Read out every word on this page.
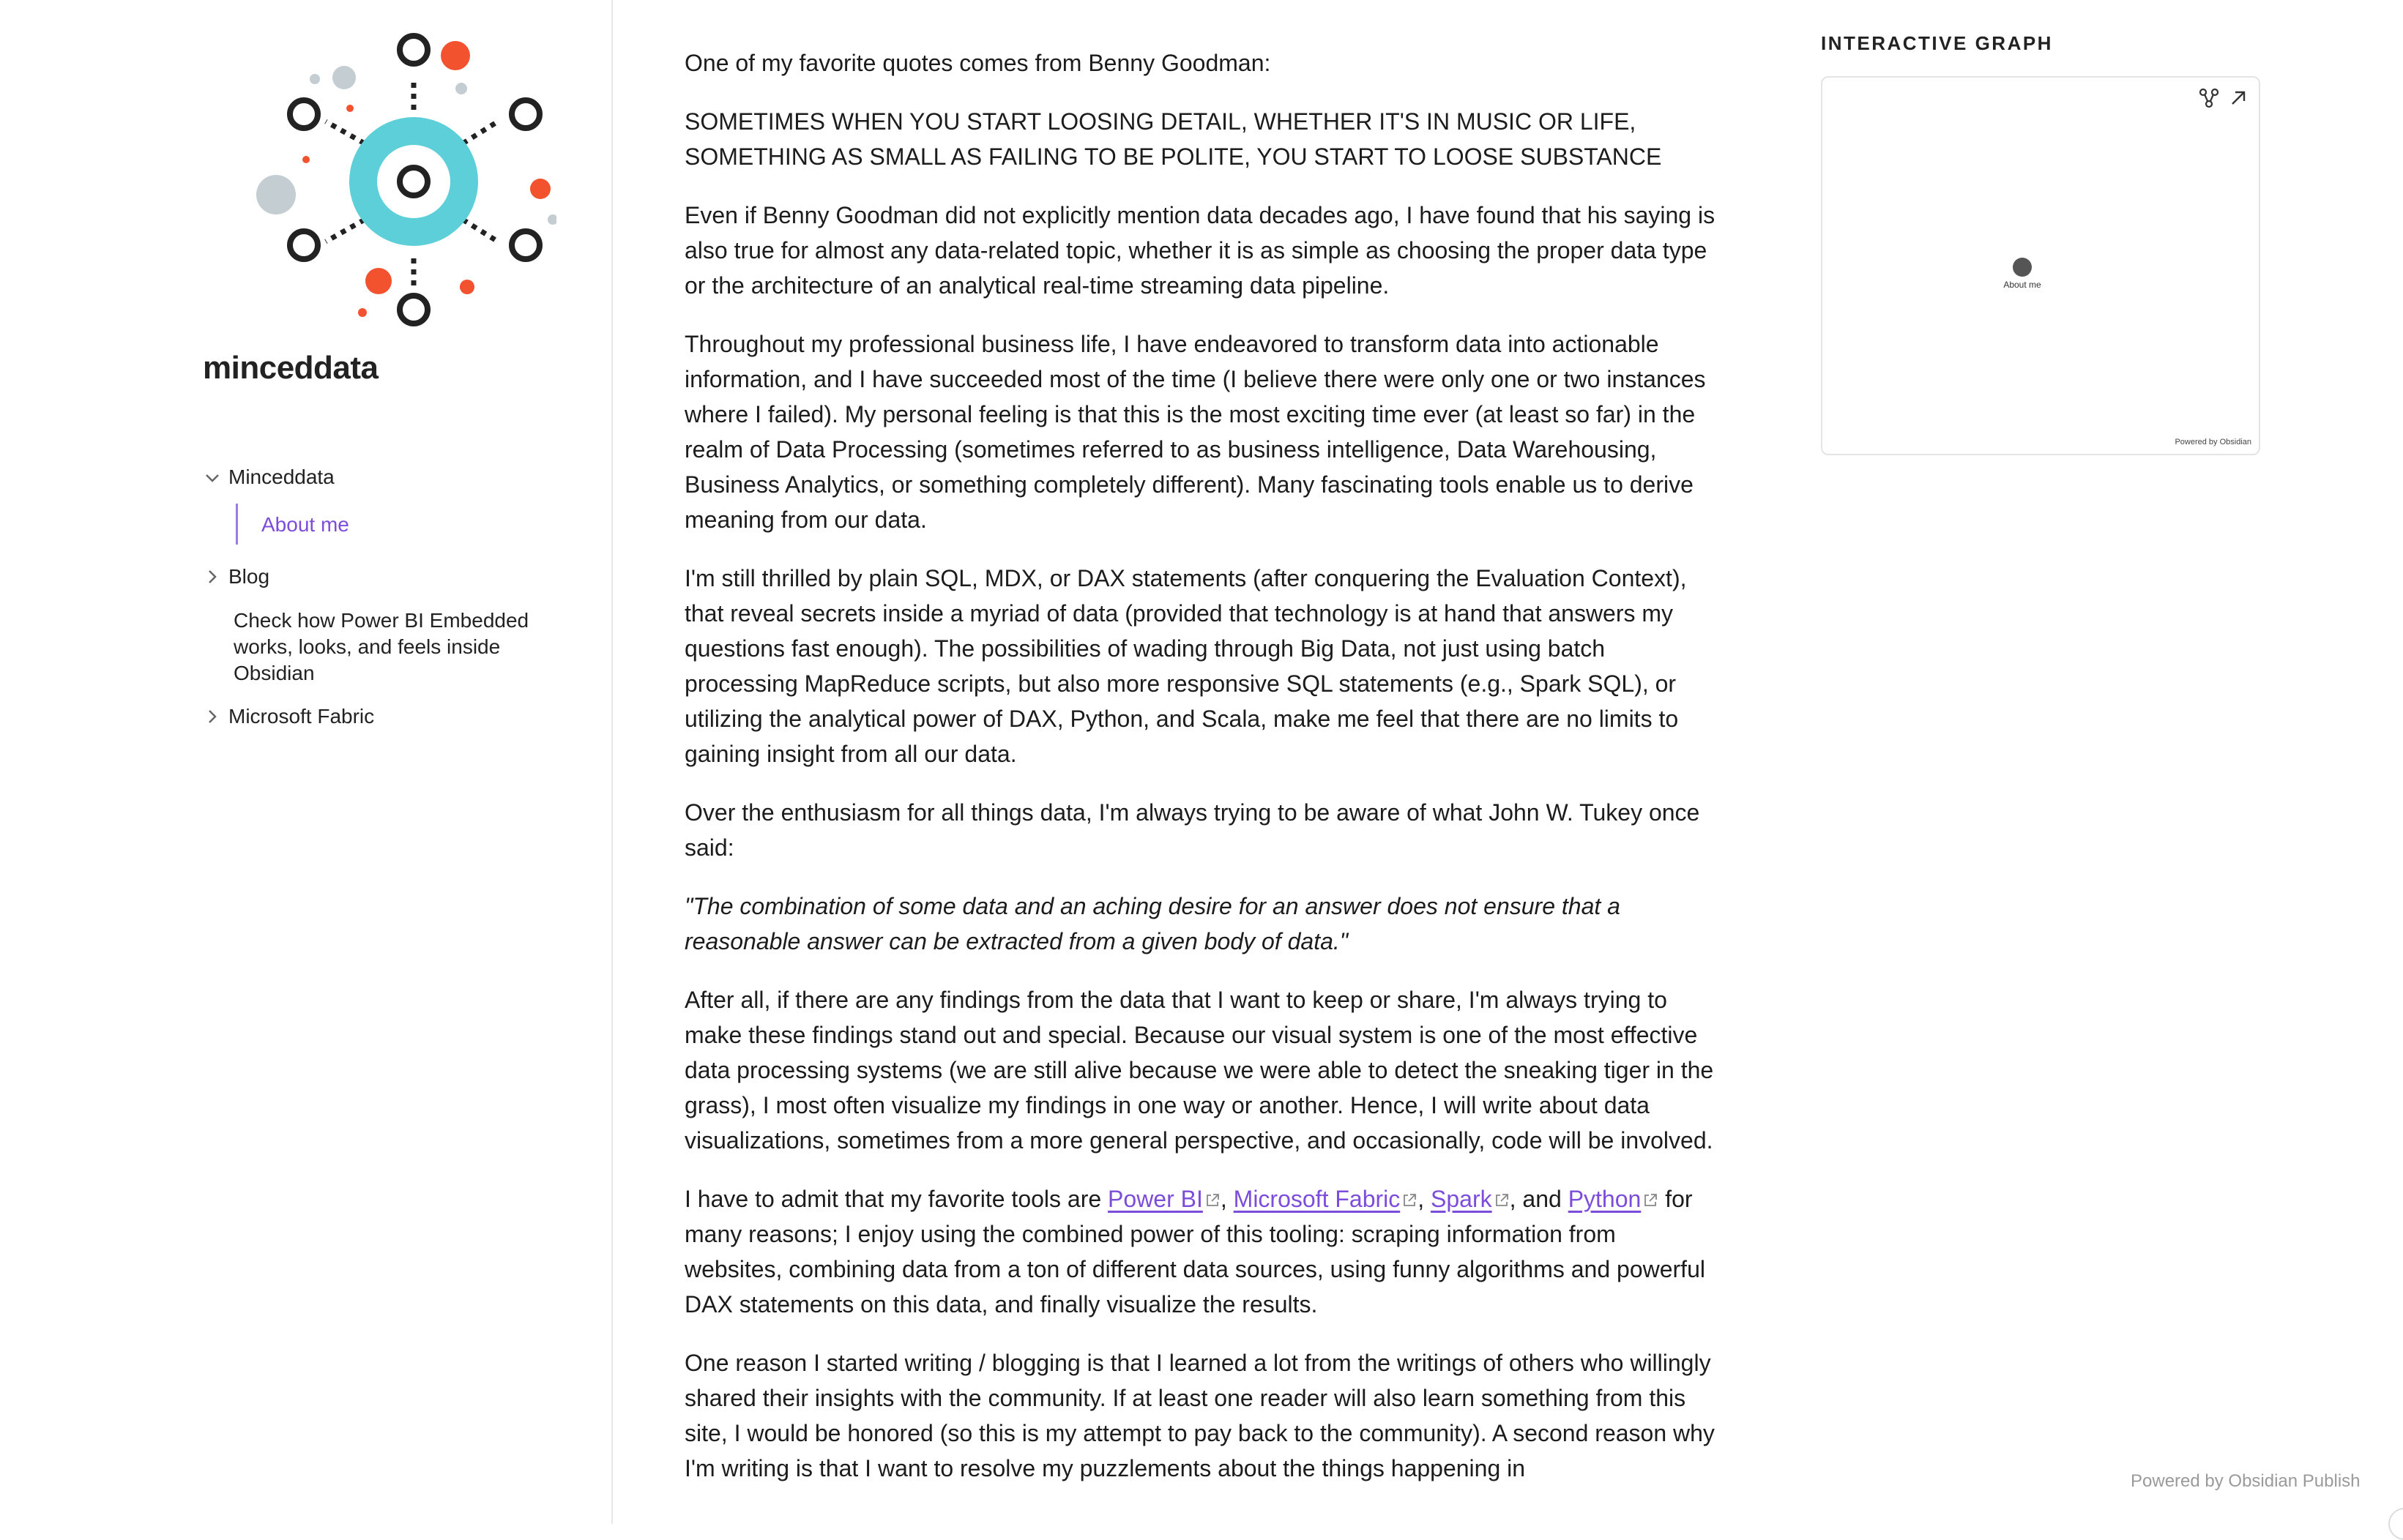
minceddata
Minceddata
About me
Blog
Check how Power BI Embedded works, looks, and feels inside Obsidian
Microsoft Fabric

One of my favorite quotes comes from Benny Goodman:

SOMETIMES WHEN YOU START LOOSING DETAIL, WHETHER IT'S IN MUSIC OR LIFE,
SOMETHING AS SMALL AS FAILING TO BE POLITE, YOU START TO LOOSE SUBSTANCE

Even if Benny Goodman did not explicitly mention data decades ago, I have found that his saying is also true for almost any data-related topic, whether it is as simple as choosing the proper data type or the architecture of an analytical real-time streaming data pipeline.

Throughout my professional business life, I have endeavored to transform data into actionable information, and I have succeeded most of the time (I believe there were only one or two instances where I failed). My personal feeling is that this is the most exciting time ever (at least so far) in the realm of Data Processing (sometimes referred to as business intelligence, Data Warehousing, Business Analytics, or something completely different). Many fascinating tools enable us to derive meaning from our data.

I'm still thrilled by plain SQL, MDX, or DAX statements (after conquering the Evaluation Context), that reveal secrets inside a myriad of data (provided that technology is at hand that answers my questions fast enough). The possibilities of wading through Big Data, not just using batch processing MapReduce scripts, but also more responsive SQL statements (e.g., Spark SQL), or utilizing the analytical power of DAX, Python, and Scala, make me feel that there are no limits to gaining insight from all our data.

Over the enthusiasm for all things data, I'm always trying to be aware of what John W. Tukey once said:

"The combination of some data and an aching desire for an answer does not ensure that a reasonable answer can be extracted from a given body of data."

After all, if there are any findings from the data that I want to keep or share, I'm always trying to make these findings stand out and special. Because our visual system is one of the most effective data processing systems (we are still alive because we were able to detect the sneaking tiger in the grass), I most often visualize my findings in one way or another. Hence, I will write about data visualizations, sometimes from a more general perspective, and occasionally, code will be involved.

I have to admit that my favorite tools are Power BI , Microsoft Fabric , Spark , and Python for many reasons; I enjoy using the combined power of this tooling: scraping information from websites, combining data from a ton of different data sources, using funny algorithms and powerful DAX statements on this data, and finally visualize the results.

One reason I started writing / blogging is that I learned a lot from the writings of others who willingly shared their insights with the community. If at least one reader will also learn something from this site, I would be honored (so this is my attempt to pay back to the community). A second reason why I'm writing is that I want to resolve my puzzlements about the things happening in

INTERACTIVE GRAPH
About me
Powered by Obsidian
Powered by Obsidian Publish
